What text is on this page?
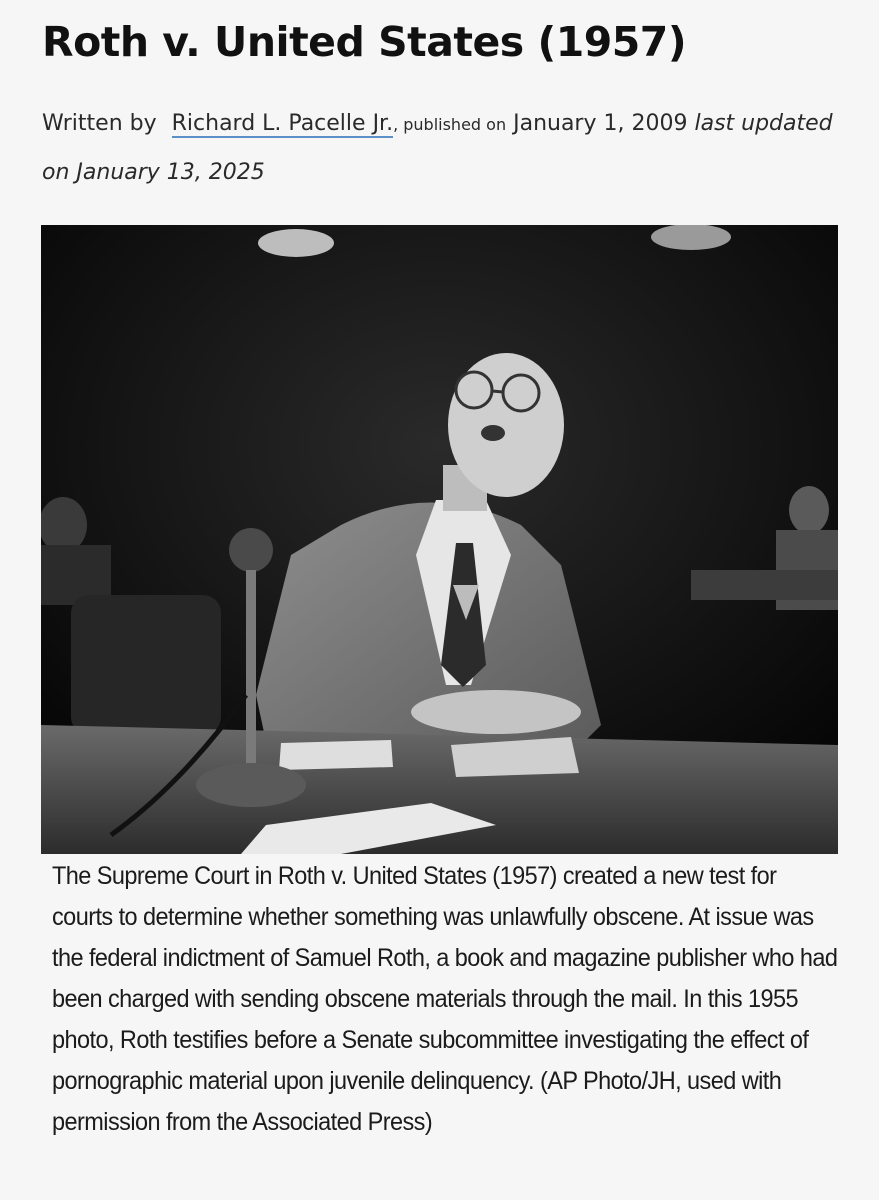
Roth v. United States (1957)
Written by Richard L. Pacelle Jr., published on January 1, 2009 last updated on January 13, 2025
The Supreme Court in Roth v. United States (1957) created a new test for courts to determine whether something was unlawfully obscene. At issue was the federal indictment of Samuel Roth, a book and magazine publisher who had been charged with sending obscene materials through the mail. In this 1955 photo, Roth testifies before a Senate subcommittee investigating the effect of pornographic material upon juvenile delinquency. (AP Photo/JH, used with permission from the Associated Press)
